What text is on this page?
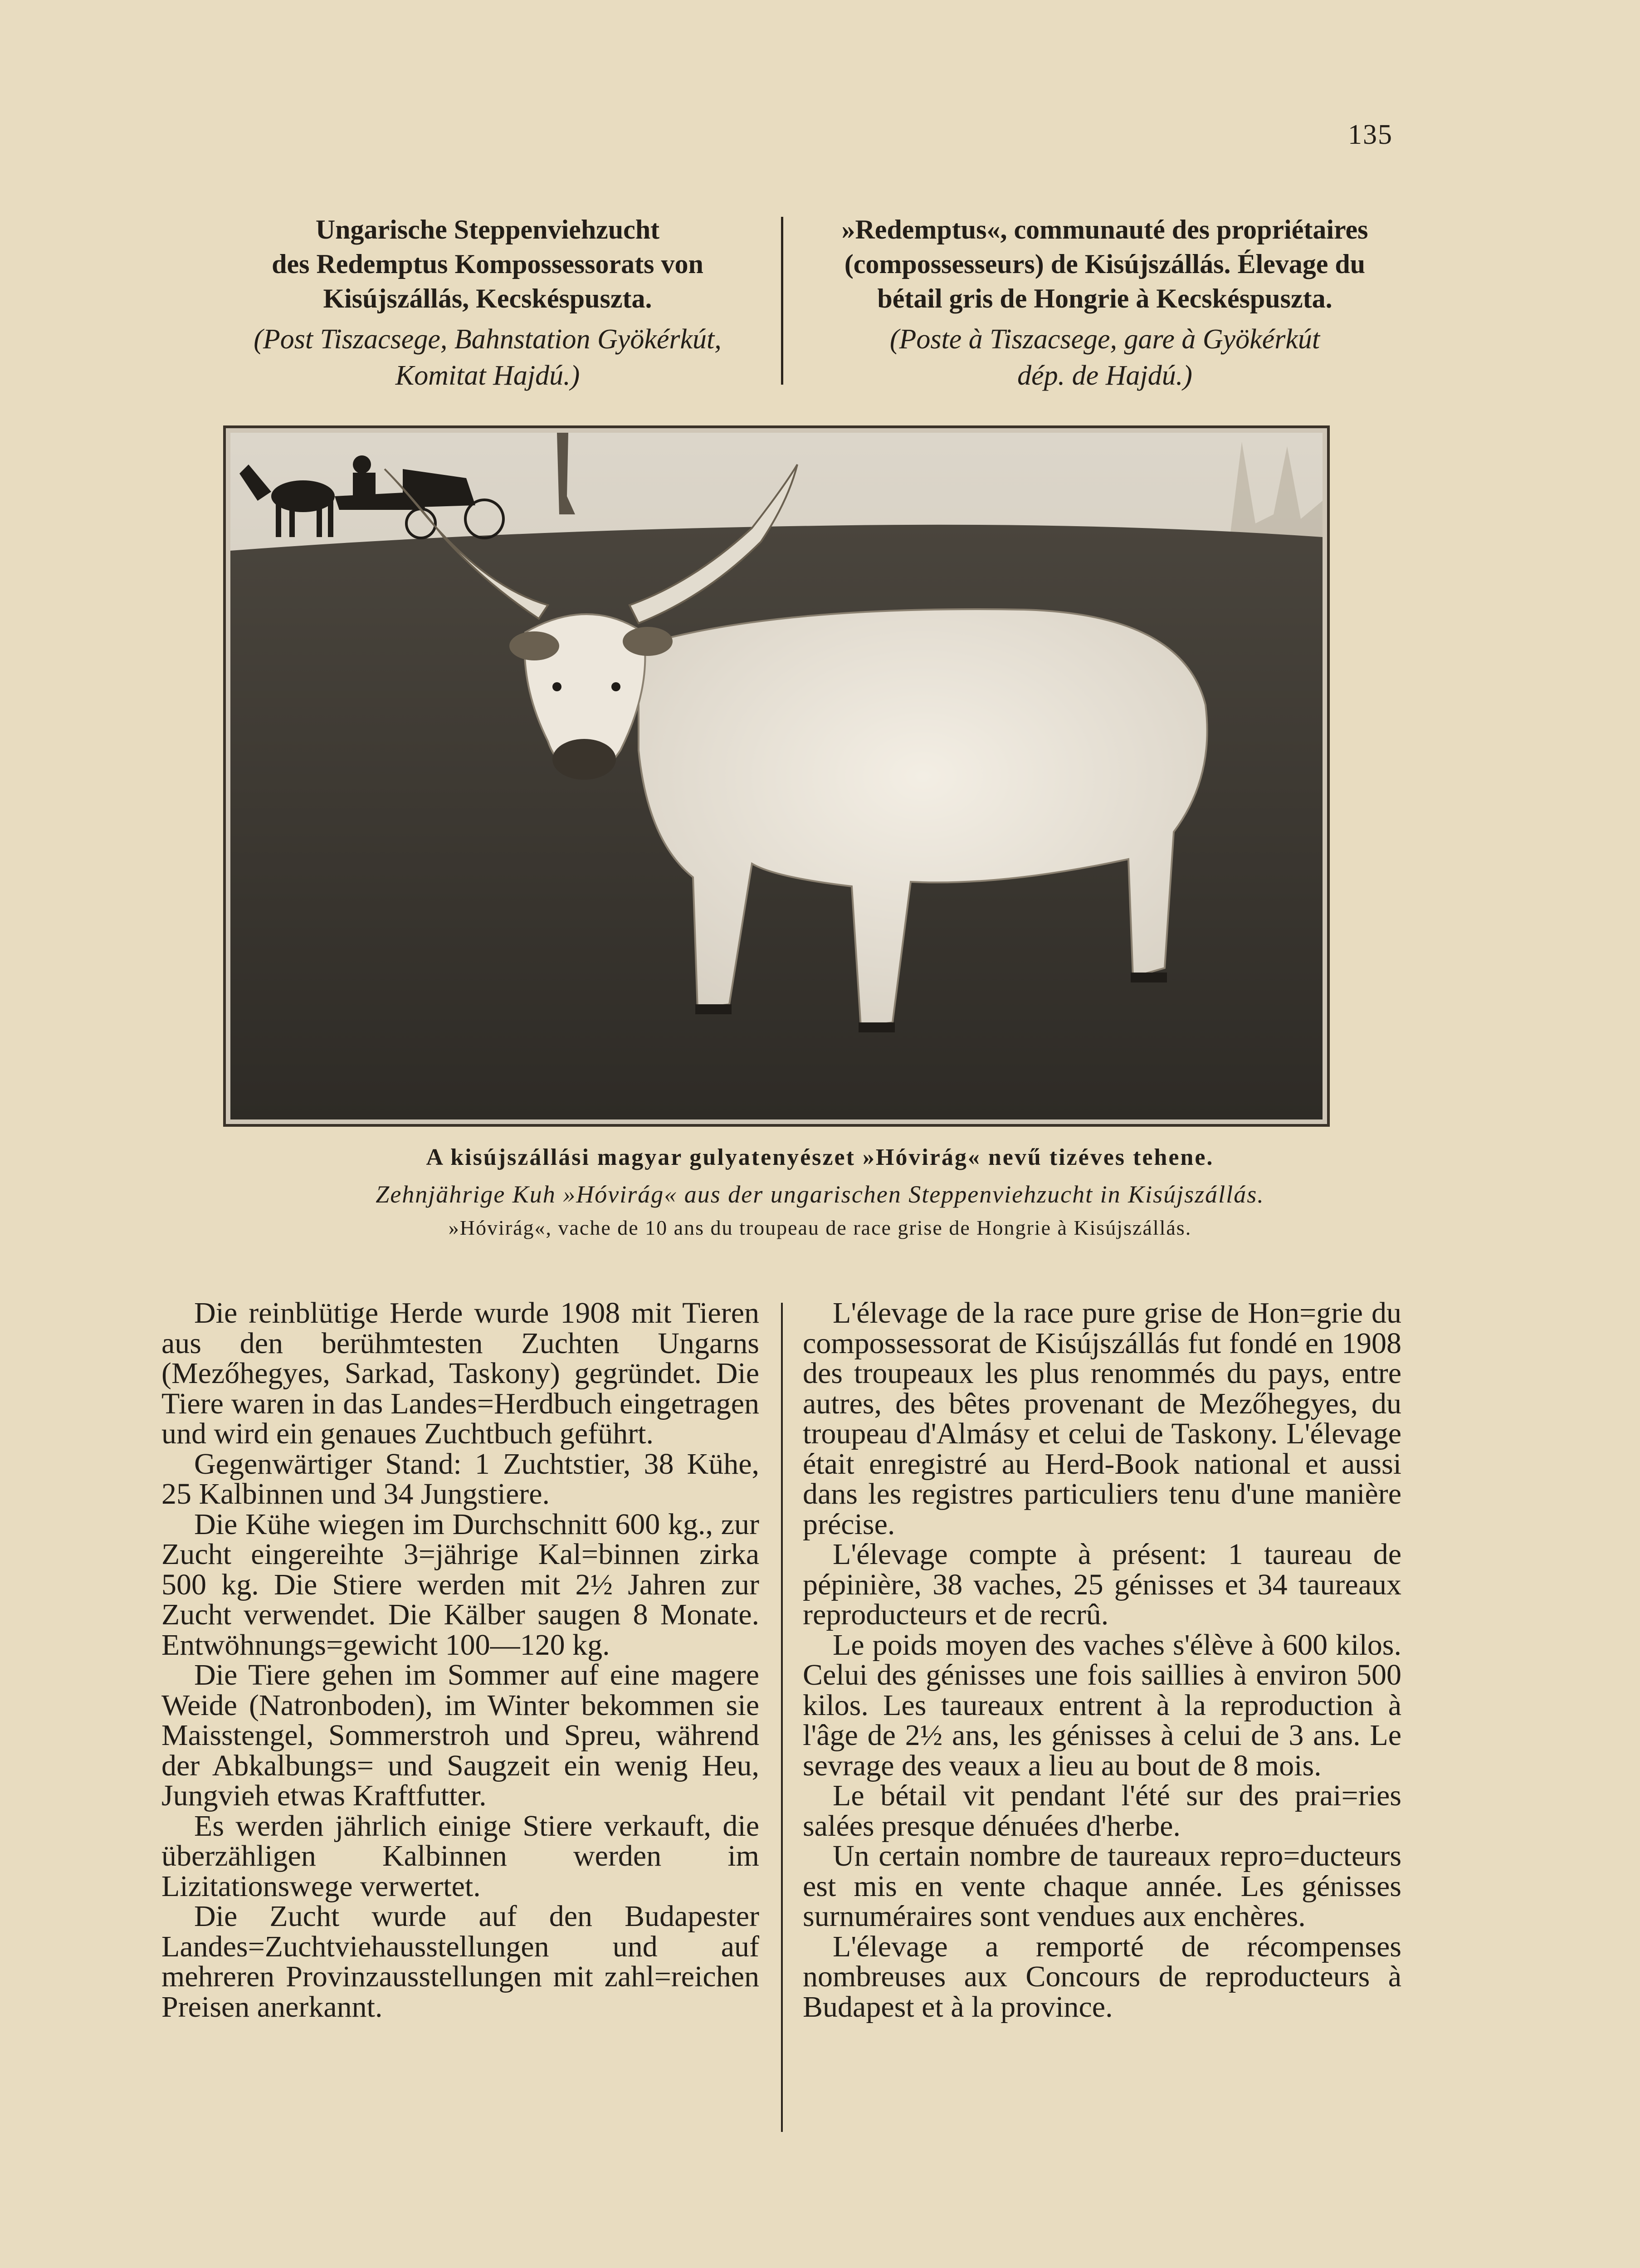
135

Ungarische Steppenviehzucht

des Redemptus Kompossessorats von

Kisújszállás, Kecskéspuszta.

(Post Tiszacsege, Bahnstation Gyökérkút,
Komitat Hajdú.)

»Redemptus«, communauté des propriétaires

(compossesseurs) de Kisújszállás. Élevage du

bétail gris de Hongrie à Kecskéspuszta.

(Poste à Tiszacsege, gare à Gyökérkút
dép. de Hajdú.)

A kisújszállási magyar gulyatenyészet »Hóvirág« nevű tizéves tehene.
Zehnjährige Kuh »Hóvirág« aus der ungarischen Steppenviehzucht in Kisújszállás.
»Hóvirág«, vache de 10 ans du troupeau de race grise de Hongrie à Kisújszállás.

Die reinblütige Herde wurde 1908 mit Tieren aus den berühmtesten Zuchten Ungarns (Mezőhegyes, Sarkad, Taskony) gegründet. Die Tiere waren in das Landes=Herdbuch eingetragen und wird ein genaues Zuchtbuch geführt.

Gegenwärtiger Stand: 1 Zuchtstier, 38 Kühe, 25 Kalbinnen und 34 Jungstiere.

Die Kühe wiegen im Durchschnitt 600 kg., zur Zucht eingereihte 3=jährige Kal=binnen zirka 500 kg. Die Stiere werden mit 2½ Jahren zur Zucht verwendet. Die Kälber saugen 8 Monate. Entwöhnungs=gewicht 100—120 kg.

Die Tiere gehen im Sommer auf eine magere Weide (Natronboden), im Winter bekommen sie Maisstengel, Sommerstroh und Spreu, während der Abkalbungs= und Saugzeit ein wenig Heu, Jungvieh etwas Kraftfutter.

Es werden jährlich einige Stiere verkauft, die überzähligen Kalbinnen werden im Lizitationswege verwertet.

Die Zucht wurde auf den Budapester Landes=Zuchtviehausstellungen und auf mehreren Provinzausstellungen mit zahl=reichen Preisen anerkannt.

L'élevage de la race pure grise de Hon=grie du compossessorat de Kisújszállás fut fondé en 1908 des troupeaux les plus renommés du pays, entre autres, des bêtes provenant de Mezőhegyes, du troupeau d'Almásy et celui de Taskony. L'élevage était enregistré au Herd-Book national et aussi dans les registres particuliers tenu d'une manière précise.

L'élevage compte à présent: 1 taureau de pépinière, 38 vaches, 25 génisses et 34 taureaux reproducteurs et de recrû.

Le poids moyen des vaches s'élève à 600 kilos. Celui des génisses une fois saillies à environ 500 kilos. Les taureaux entrent à la reproduction à l'âge de 2½ ans, les génisses à celui de 3 ans. Le sevrage des veaux a lieu au bout de 8 mois.

Le bétail vit pendant l'été sur des prai=ries salées presque dénuées d'herbe.

Un certain nombre de taureaux repro=ducteurs est mis en vente chaque année. Les génisses surnuméraires sont vendues aux enchères.

L'élevage a remporté de récompenses nombreuses aux Concours de reproducteurs à Budapest et à la province.
